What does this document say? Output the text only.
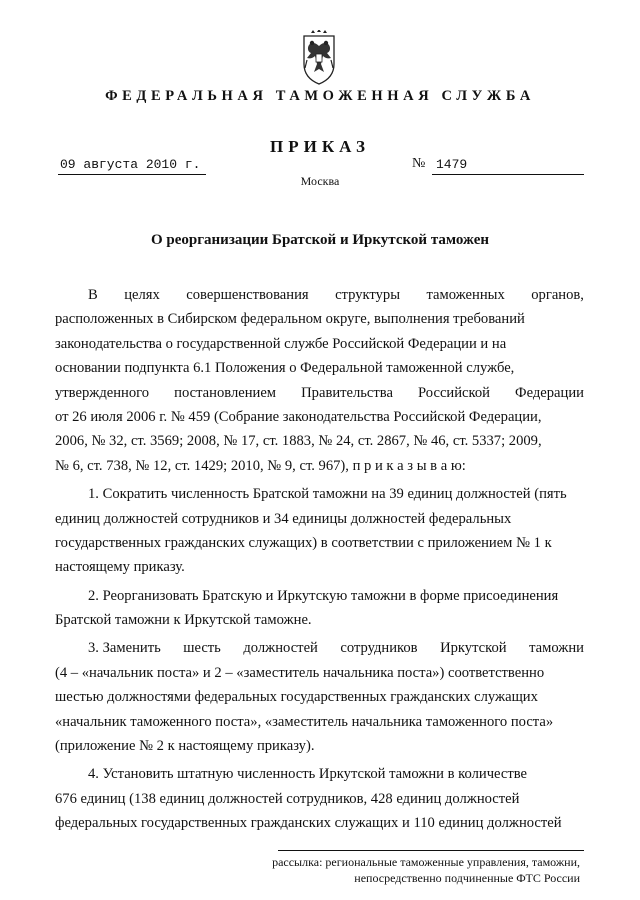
ФЕДЕРАЛЬНАЯ ТАМОЖЕННАЯ СЛУЖБА
ПРИКАЗ
09 августа 2010 г.	№ 1479
Москва
О реорганизации Братской и Иркутской таможен
В целях совершенствования структуры таможенных органов,
расположенных в Сибирском федеральном округе, выполнения требований
законодательства о государственной службе Российской Федерации и на
основании подпункта 6.1 Положения о Федеральной таможенной службе,
утвержденного постановлением Правительства Российской Федерации
от 26 июля 2006 г. № 459 (Собрание законодательства Российской Федерации,
2006, № 32, ст. 3569; 2008, № 17, ст. 1883, № 24, ст. 2867, № 46, ст. 5337; 2009,
№ 6, ст. 738, № 12, ст. 1429; 2010, № 9, ст. 967), п р и к а з ы в а ю:
1. Сократить численность Братской таможни на 39 единиц должностей (пять
единиц должностей сотрудников и 34 единицы должностей федеральных
государственных гражданских служащих) в соответствии с приложением № 1 к
настоящему приказу.
2. Реорганизовать Братскую и Иркутскую таможни в форме присоединения
Братской таможни к Иркутской таможне.
3. Заменить шесть должностей сотрудников Иркутской таможни
(4 – «начальник поста» и 2 – «заместитель начальника поста») соответственно
шестью должностями федеральных государственных гражданских служащих
«начальник таможенного поста», «заместитель начальника таможенного поста»
(приложение № 2 к настоящему приказу).
4. Установить штатную численность Иркутской таможни в количестве
676 единиц (138 единиц должностей сотрудников, 428 единиц должностей
федеральных государственных гражданских служащих и 110 единиц должностей
рассылка: региональные таможенные управления, таможни,
непосредственно подчиненные ФТС России
